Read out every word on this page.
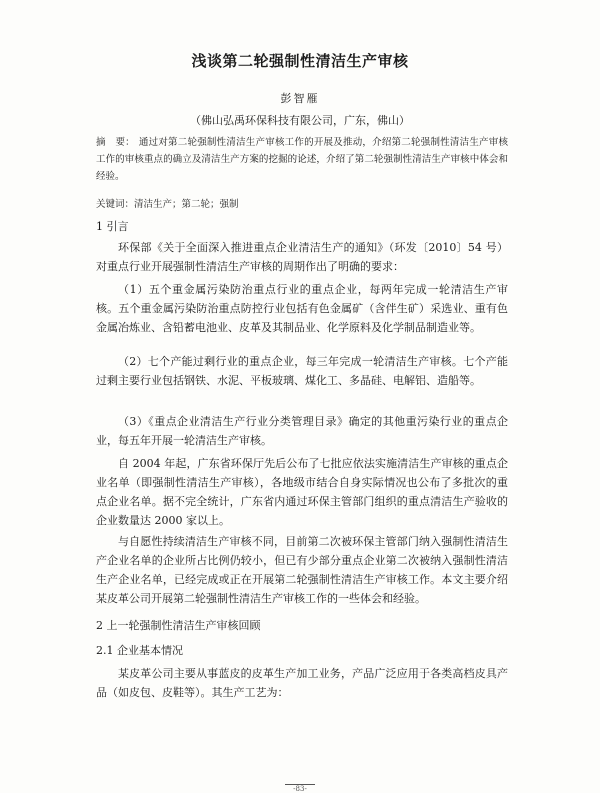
浅谈第二轮强制性清洁生产审核
彭智雁
（佛山弘禹环保科技有限公司，广东，佛山）
摘　要： 通过对第二轮强制性清洁生产审核工作的开展及推动，介绍第二轮强制性清洁生产审核工作的审核重点的确立及清洁生产方案的挖掘的论述，介绍了第二轮强制性清洁生产审核中体会和经验。
关键词：清洁生产；第二轮；强制
1 引言

环保部《关于全面深入推进重点企业清洁生产的通知》（环发〔2010〕54 号）对重点行业开展强制性清洁生产审核的周期作出了明确的要求：

（1）五个重金属污染防治重点行业的重点企业，每两年完成一轮清洁生产审核。五个重金属污染防治重点防控行业包括有色金属矿（含伴生矿）采选业、重有色金属冶炼业、含铅蓄电池业、皮革及其制品业、化学原料及化学制品制造业等。

（2）七个产能过剩行业的重点企业，每三年完成一轮清洁生产审核。七个产能过剩主要行业包括钢铁、水泥、平板玻璃、煤化工、多晶硅、电解铝、造船等。

（3）《重点企业清洁生产行业分类管理目录》确定的其他重污染行业的重点企业，每五年开展一轮清洁生产审核。

自 2004 年起，广东省环保厅先后公布了七批应依法实施清洁生产审核的重点企业名单（即强制性清洁生产审核），各地级市结合自身实际情况也公布了多批次的重点企业名单。据不完全统计，广东省内通过环保主管部门组织的重点清洁生产验收的企业数量达 2000 家以上。

与自愿性持续清洁生产审核不同，目前第二次被环保主管部门纳入强制性清洁生产企业名单的企业所占比例仍较小，但已有少部分重点企业第二次被纳入强制性清洁生产企业名单，已经完成或正在开展第二轮强制性清洁生产审核工作。本文主要介绍某皮革公司开展第二轮强制性清洁生产审核工作的一些体会和经验。

2 上一轮强制性清洁生产审核回顾
2.1 企业基本情况

某皮革公司主要从事蓝皮的皮革生产加工业务，产品广泛应用于各类高档皮具产品（如皮包、皮鞋等）。其生产工艺为：

-83-
